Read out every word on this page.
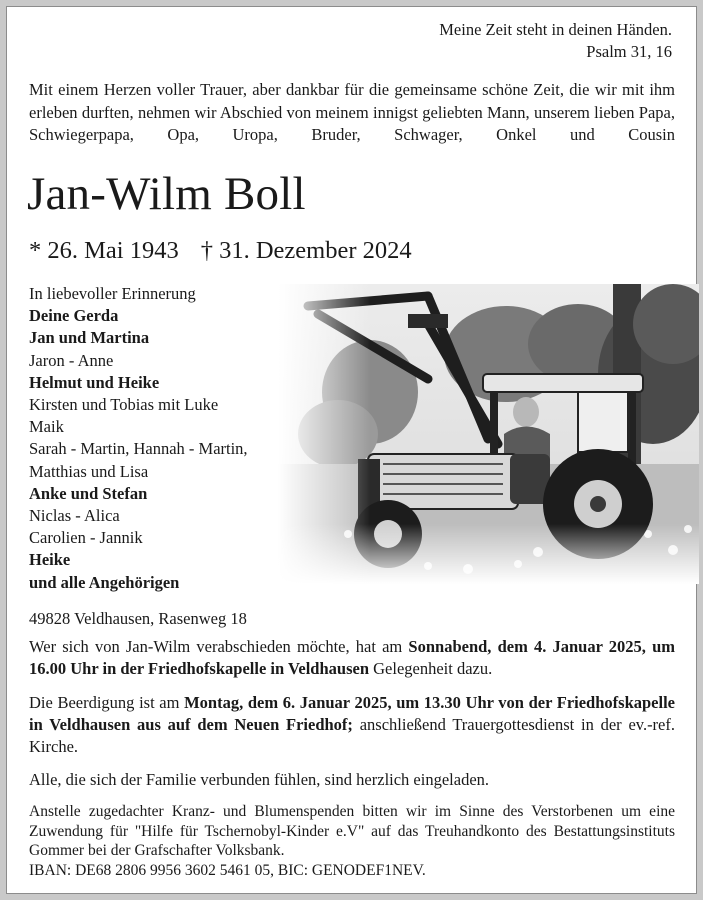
Meine Zeit steht in deinen Händen.
Psalm 31, 16

Mit einem Herzen voller Trauer, aber dankbar für die gemeinsame schöne Zeit, die wir mit ihm erleben durften, nehmen wir Abschied von meinem innigst geliebten Mann, unserem lieben Papa, Schwiegerpapa, Opa, Uropa, Bruder, Schwager, Onkel und Cousin

Jan-Wilm Boll
* 26. Mai 1943 † 31. Dezember 2024
In liebevoller Erinnerung
Deine Gerda
Jan und Martina
Jaron - Anne
Helmut und Heike
Kirsten und Tobias mit Luke
Maik
Sarah - Martin, Hannah - Martin,
Matthias und Lisa
Anke und Stefan
Niclas - Alica
Carolien - Jannik
Heike
und alle Angehörigen
49828 Veldhausen, Rasenweg 18

Wer sich von Jan-Wilm verabschieden möchte, hat am Sonnabend, dem 4. Januar 2025, um 16.00 Uhr in der Friedhofskapelle in Veldhausen Gelegenheit dazu.

Die Beerdigung ist am Montag, dem 6. Januar 2025, um 13.30 Uhr von der Friedhofskapelle in Veldhausen aus auf dem Neuen Friedhof; anschließend Trauergottesdienst in der ev.-ref. Kirche.

Alle, die sich der Familie verbunden fühlen, sind herzlich eingeladen.

Anstelle zugedachter Kranz- und Blumenspenden bitten wir im Sinne des Verstorbenen um eine Zuwendung für "Hilfe für Tschernobyl-Kinder e.V" auf das Treuhandkonto des Bestattungsinstituts Gommer bei der Grafschafter Volksbank.

IBAN: DE68 2806 9956 3602 5461 05, BIC: GENODEF1NEV.
